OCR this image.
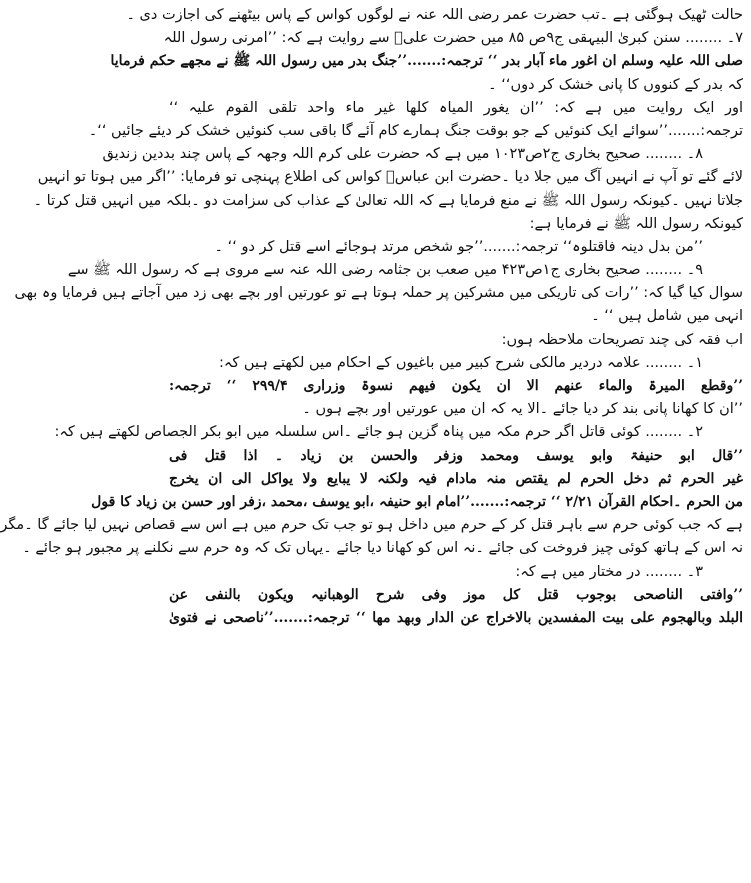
حالت ٹھیک ہوگئی ہے ۔تب حضرت عمر رضی اللہ عنہ نے لوگوں کواس کے پاس بیٹھنے کی اجازت دی ۔
۷۔ ........ سنن کبریٰ البیہقی ج۹ص ۸۵ میں حضرت علیؓ سے روایت ہے کہ: ’’امرنی رسول اللہ
صلی اللہ علیہ وسلم ان اغور ماء آبار بدر ‘‘ ترجمہ:.......’’جنگ بدر میں رسول اللہ ﷺ نے مجھے حکم فرمایا
کہ بدر کے کنووں کا پانی خشک کر دوں‘‘ ۔
اور ایک روایت میں ہے کہ: ’’ان یغور المیاہ کلھا غیر ماء واحد تلقی القوم علیہ ‘‘
ترجمہ:.......’’سوائے ایک کنوئیں کے جو بوقت جنگ ہمارے کام آئے گا باقی سب کنوئیں خشک کر دیئے جائیں ‘‘۔
۸۔ ........ صحیح بخاری ج۲ص۱۰۲۳ میں ہے کہ حضرت علی کرم اللہ وجھہ کے پاس چند بددین زندیق
لائے گئے تو آپ نے انہیں آگ میں جلا دیا ۔حضرت ابن عباسؓ کواس کی اطلاع پہنچی تو فرمایا: ’’اگر میں ہوتا تو انہیں
جلاتا نہیں ۔کیونکہ رسول اللہ ﷺ نے منع فرمایا ہے کہ اللہ تعالیٰ کے عذاب کی سزامت دو ۔بلکہ میں انہیں قتل کرتا ۔
کیونکہ رسول اللہ ﷺ نے فرمایا ہے:
’’من بدل دینہ فاقتلوہ‘‘ ترجمہ:.......’’جو شخص مرتد ہوجائے اسے قتل کر دو ‘‘ ۔
۹۔ ........ صحیح بخاری ج۱ص۴۲۳ میں صعب بن جثامہ رضی اللہ عنہ سے مروی ہے کہ رسول اللہ ﷺ سے
سوال کیا گیا کہ: ’’رات کی تاریکی میں مشرکین پر حملہ ہوتا ہے تو عورتیں اور بچے بھی زد میں آجاتے ہیں فرمایا وہ بھی
انہی میں شامل ہیں ‘‘ ۔
اب فقہ کی چند تصریحات ملاحظہ ہوں:
۱۔ ........ علامہ دردیر مالکی شرح کبیر میں باغیوں کے احکام میں لکھتے ہیں کہ:
’’وقطع المیرۃ والماء عنھم الا ان یکون فیھم نسوۃ وزراری ۲۹۹/۴ ‘‘ ترجمہ:
’’ان کا کھانا پانی بند کر دیا جائے ۔الا یہ کہ ان میں عورتیں اور بچے ہوں ۔
۲۔ ........ کوئی قاتل اگر حرم مکہ میں پناہ گزین ہو جائے ۔اس سلسلہ میں ابو بکر الجصاص لکھتے ہیں کہ:
’’قال ابو حنیفۃ وابو یوسف ومحمد وزفر والحسن بن زیاد ۔ اذا قتل فی
غیر الحرم ثم دخل الحرم لم یقتص منہ مادام فیہ ولکنہ لا یبایع ولا یواکل الی ان یخرج
من الحرم ۔احکام القرآن ۲/۲۱ ‘‘ ترجمہ:.......’’امام ابو حنیفہ ،ابو یوسف ،محمد ،زفر اور حسن بن زیاد کا قول
ہے کہ جب کوئی حرم سے باہر قتل کر کے حرم میں داخل ہو تو جب تک حرم میں ہے اس سے قصاص نہیں لیا جائے گا ۔مگر
نہ اس کے ہاتھ کوئی چیز فروخت کی جائے ۔نہ اس کو کھانا دیا جائے ۔یہاں تک کہ وہ حرم سے نکلنے پر مجبور ہو جائے ۔
۳۔ ........ در مختار میں ہے کہ:
’’وافتی الناصحی بوجوب قتل کل موز وفی شرح الوھبانیہ ویکون بالنفی عن
البلد وبالھجوم علی بیت المفسدین بالاخراج عن الدار وبھد مھا ‘‘ ترجمہ:.......’’ناصحی نے فتویٰ
